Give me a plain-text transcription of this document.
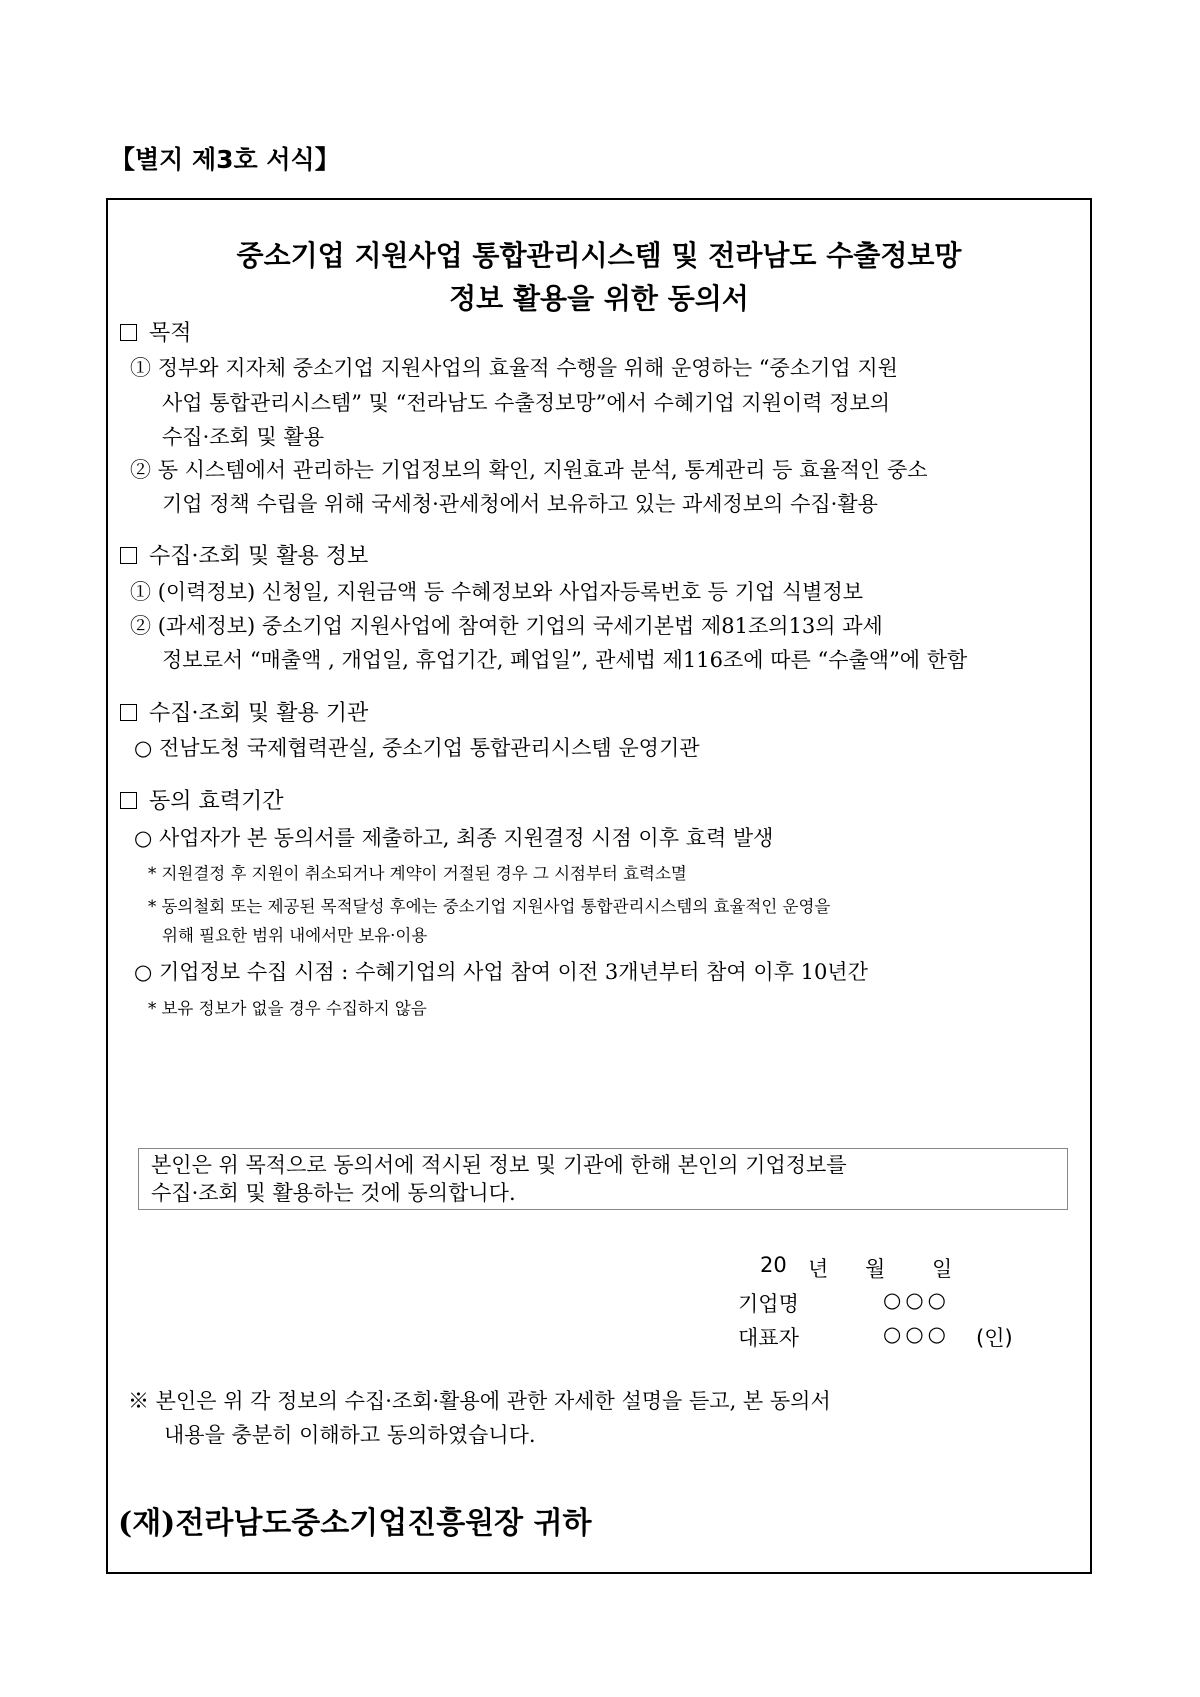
【별지 제3호 서식】
중소기업 지원사업 통합관리시스템 및 전라남도 수출정보망
정보 활용을 위한 동의서
목적
① 정부와 지자체 중소기업 지원사업의 효율적 수행을 위해 운영하는 “중소기업 지원
사업 통합관리시스템” 및 “전라남도 수출정보망”에서 수혜기업 지원이력 정보의
수집·조회 및 활용
② 동 시스템에서 관리하는 기업정보의 확인, 지원효과 분석, 통계관리 등 효율적인 중소
기업 정책 수립을 위해 국세청·관세청에서 보유하고 있는 과세정보의 수집·활용
수집·조회 및 활용 정보
① (이력정보) 신청일, 지원금액 등 수혜정보와 사업자등록번호 등 기업 식별정보
② (과세정보) 중소기업 지원사업에 참여한 기업의 국세기본법 제81조의13의 과세
정보로서 “매출액 , 개업일, 휴업기간, 폐업일”, 관세법 제116조에 따른 “수출액”에 한함
수집·조회 및 활용 기관
○ 전남도청 국제협력관실, 중소기업 통합관리시스템 운영기관
동의 효력기간
○ 사업자가 본 동의서를 제출하고, 최종 지원결정 시점 이후 효력 발생
* 지원결정 후 지원이 취소되거나 계약이 거절된 경우 그 시점부터 효력소멸
* 동의철회 또는 제공된 목적달성 후에는 중소기업 지원사업 통합관리시스템의 효율적인 운영을
위해 필요한 범위 내에서만 보유·이용
○ 기업정보 수집 시점 : 수혜기업의 사업 참여 이전 3개년부터 참여 이후 10년간
* 보유 정보가 없을 경우 수집하지 않음
본인은 위 목적으로 동의서에 적시된 정보 및 기관에 한해 본인의 기업정보를
수집·조회 및 활용하는 것에 동의합니다.
20 년 월 일
기업명	○○○
대표자	○○○ (인)
※ 본인은 위 각 정보의 수집·조회·활용에 관한 자세한 설명을 듣고, 본 동의서
내용을 충분히 이해하고 동의하였습니다.
(재)전라남도중소기업진흥원장 귀하
